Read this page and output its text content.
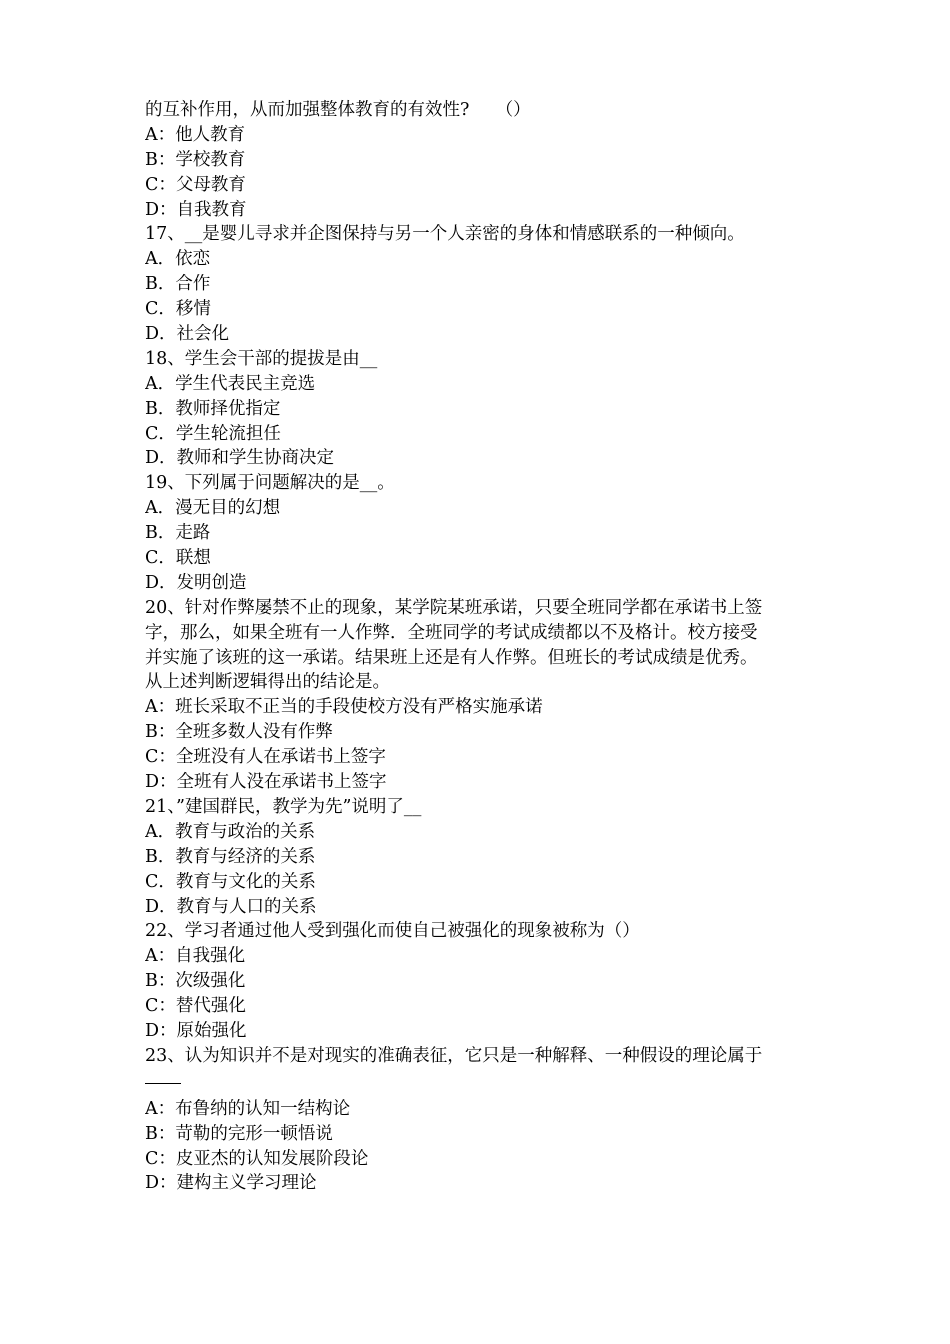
的互补作用，从而加强整体教育的有效性?　　（）
A：他人教育
B：学校教育
C：父母教育
D：自我教育
17、__是婴儿寻求并企图保持与另一个人亲密的身体和情感联系的一种倾向。
A．依恋
B．合作
C．移情
D．社会化
18、学生会干部的提拔是由__
A．学生代表民主竞选
B．教师择优指定
C．学生轮流担任
D．教师和学生协商决定
19、下列属于问题解决的是__。
A．漫无目的幻想
B．走路
C．联想
D．发明创造
20、针对作弊屡禁不止的现象，某学院某班承诺，只要全班同学都在承诺书上签
字，那么，如果全班有一人作弊．全班同学的考试成绩都以不及格计。校方接受
并实施了该班的这一承诺。结果班上还是有人作弊。但班长的考试成绩是优秀。
从上述判断逻辑得出的结论是。
A：班长采取不正当的手段使校方没有严格实施承诺
B：全班多数人没有作弊
C：全班没有人在承诺书上签字
D：全班有人没在承诺书上签字
21、”建国群民，教学为先”说明了__
A．教育与政治的关系
B．教育与经济的关系
C．教育与文化的关系
D．教育与人口的关系
22、学习者通过他人受到强化而使自己被强化的现象被称为（）
A：自我强化
B：次级强化
C：替代强化
D：原始强化
23、认为知识并不是对现实的准确表征，它只是一种解释、一种假设的理论属于
A：布鲁纳的认知一结构论
B：苛勒的完形一顿悟说
C：皮亚杰的认知发展阶段论
D：建构主义学习理论
